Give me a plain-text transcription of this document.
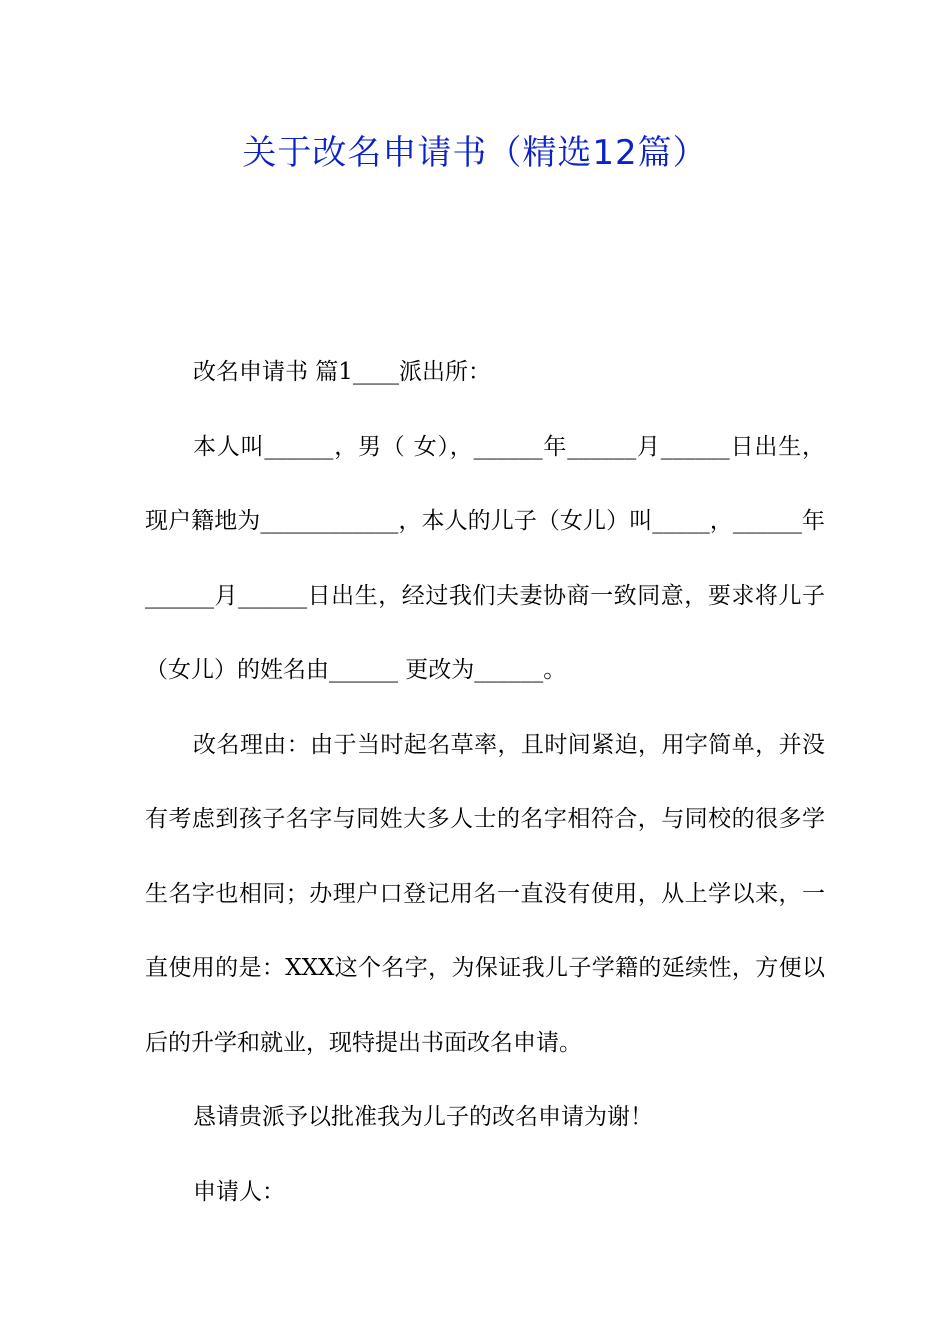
关于改名申请书（精选12篇）

改名申请书 篇1____派出所：

本人叫______，男（ 女），______年______月______日出生，现户籍地为____________，本人的儿子（女儿）叫_____，______年______月______日出生，经过我们夫妻协商一致同意，要求将儿子（女儿）的姓名由______ 更改为______。

改名理由：由于当时起名草率，且时间紧迫，用字简单，并没有考虑到孩子名字与同姓大多人士的名字相符合，与同校的很多学生名字也相同；办理户口登记用名一直没有使用，从上学以来，一直使用的是：XXX这个名字，为保证我儿子学籍的延续性，方便以后的升学和就业，现特提出书面改名申请。

恳请贵派予以批准我为儿子的改名申请为谢！

申请人：
